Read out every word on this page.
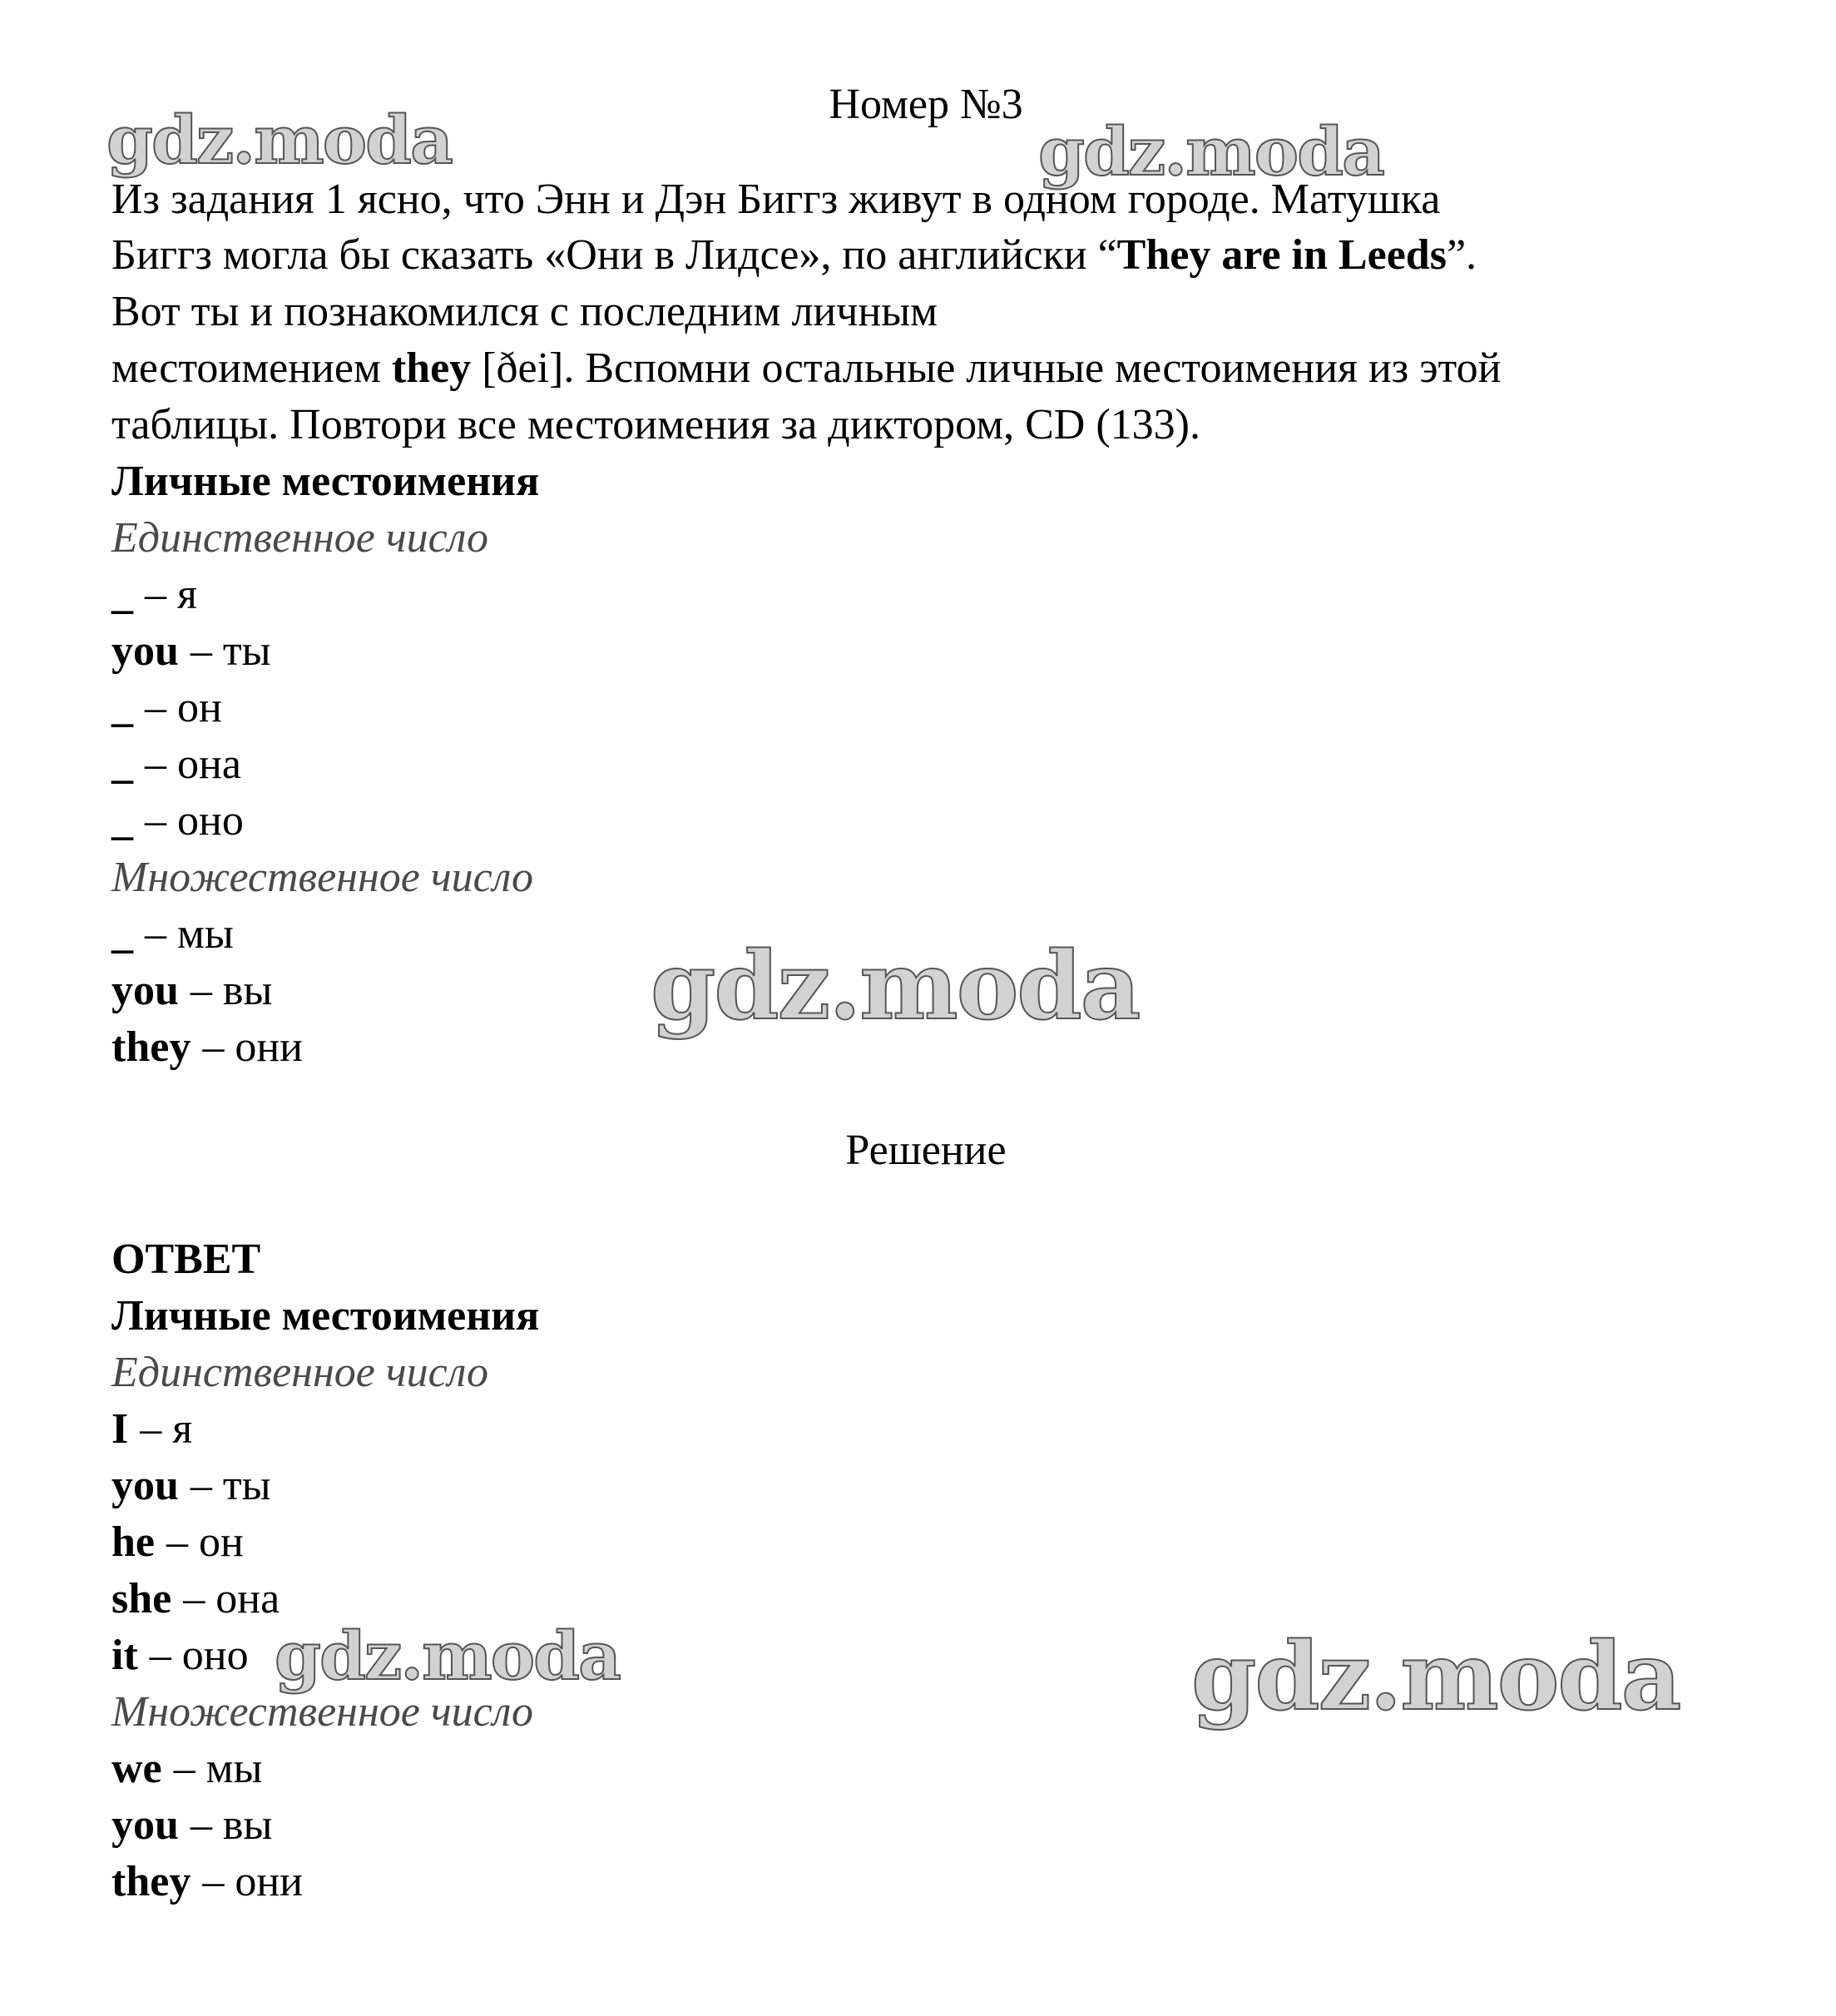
Номер №3
Из задания 1 ясно, что Энн и Дэн Биггз живут в одном городе. Матушка
Биггз могла бы сказать «Они в Лидсе», по английски “They are in Leeds”.
Вот ты и познакомился с последним личным
местоимением they [ðei]. Вспомни остальные личные местоимения из этой
таблицы. Повтори все местоимения за диктором, CD (133).
Личные местоимения
Единственное число
_ – я
you – ты
_ – он
_ – она
_ – оно
Множественное число
_ – мы
you – вы
they – они
Решение
ОТВЕТ
Личные местоимения
Единственное число
I – я
you – ты
he – он
she – она
it – оно
Множественное число
we – мы
you – вы
they – они
gdz.moda	gdz.moda
gdz.moda
gdz.moda	gdz.moda
